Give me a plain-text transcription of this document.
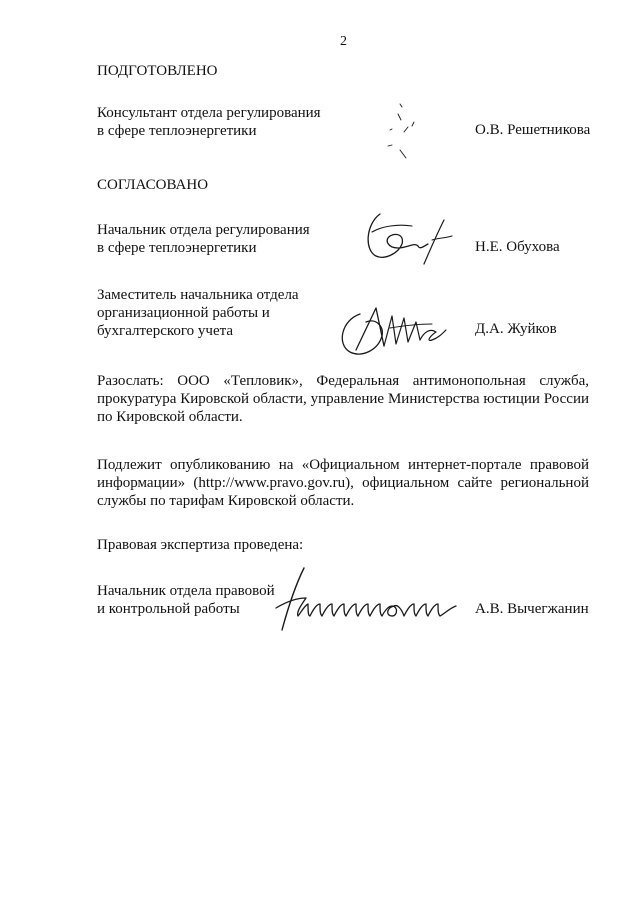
2
ПОДГОТОВЛЕНО
Консультант отдела регулирования
в сфере теплоэнергетики	О.В. Решетникова
СОГЛАСОВАНО
Начальник отдела регулирования
в сфере теплоэнергетики	Н.Е. Обухова
Заместитель начальника отдела
организационной работы и
бухгалтерского учета	Д.А. Жуйков
Разослать: ООО «Тепловик», Федеральная антимонопольная служба,
прокуратура Кировской области, управление Министерства юстиции России
по Кировской области.
Подлежит опубликованию на «Официальном интернет-портале правовой
информации» (http://www.pravo.gov.ru), официальном сайте региональной
службы по тарифам Кировской области.
Правовая экспертиза проведена:
Начальник отдела правовой
и контрольной работы	А.В. Вычегжанин
